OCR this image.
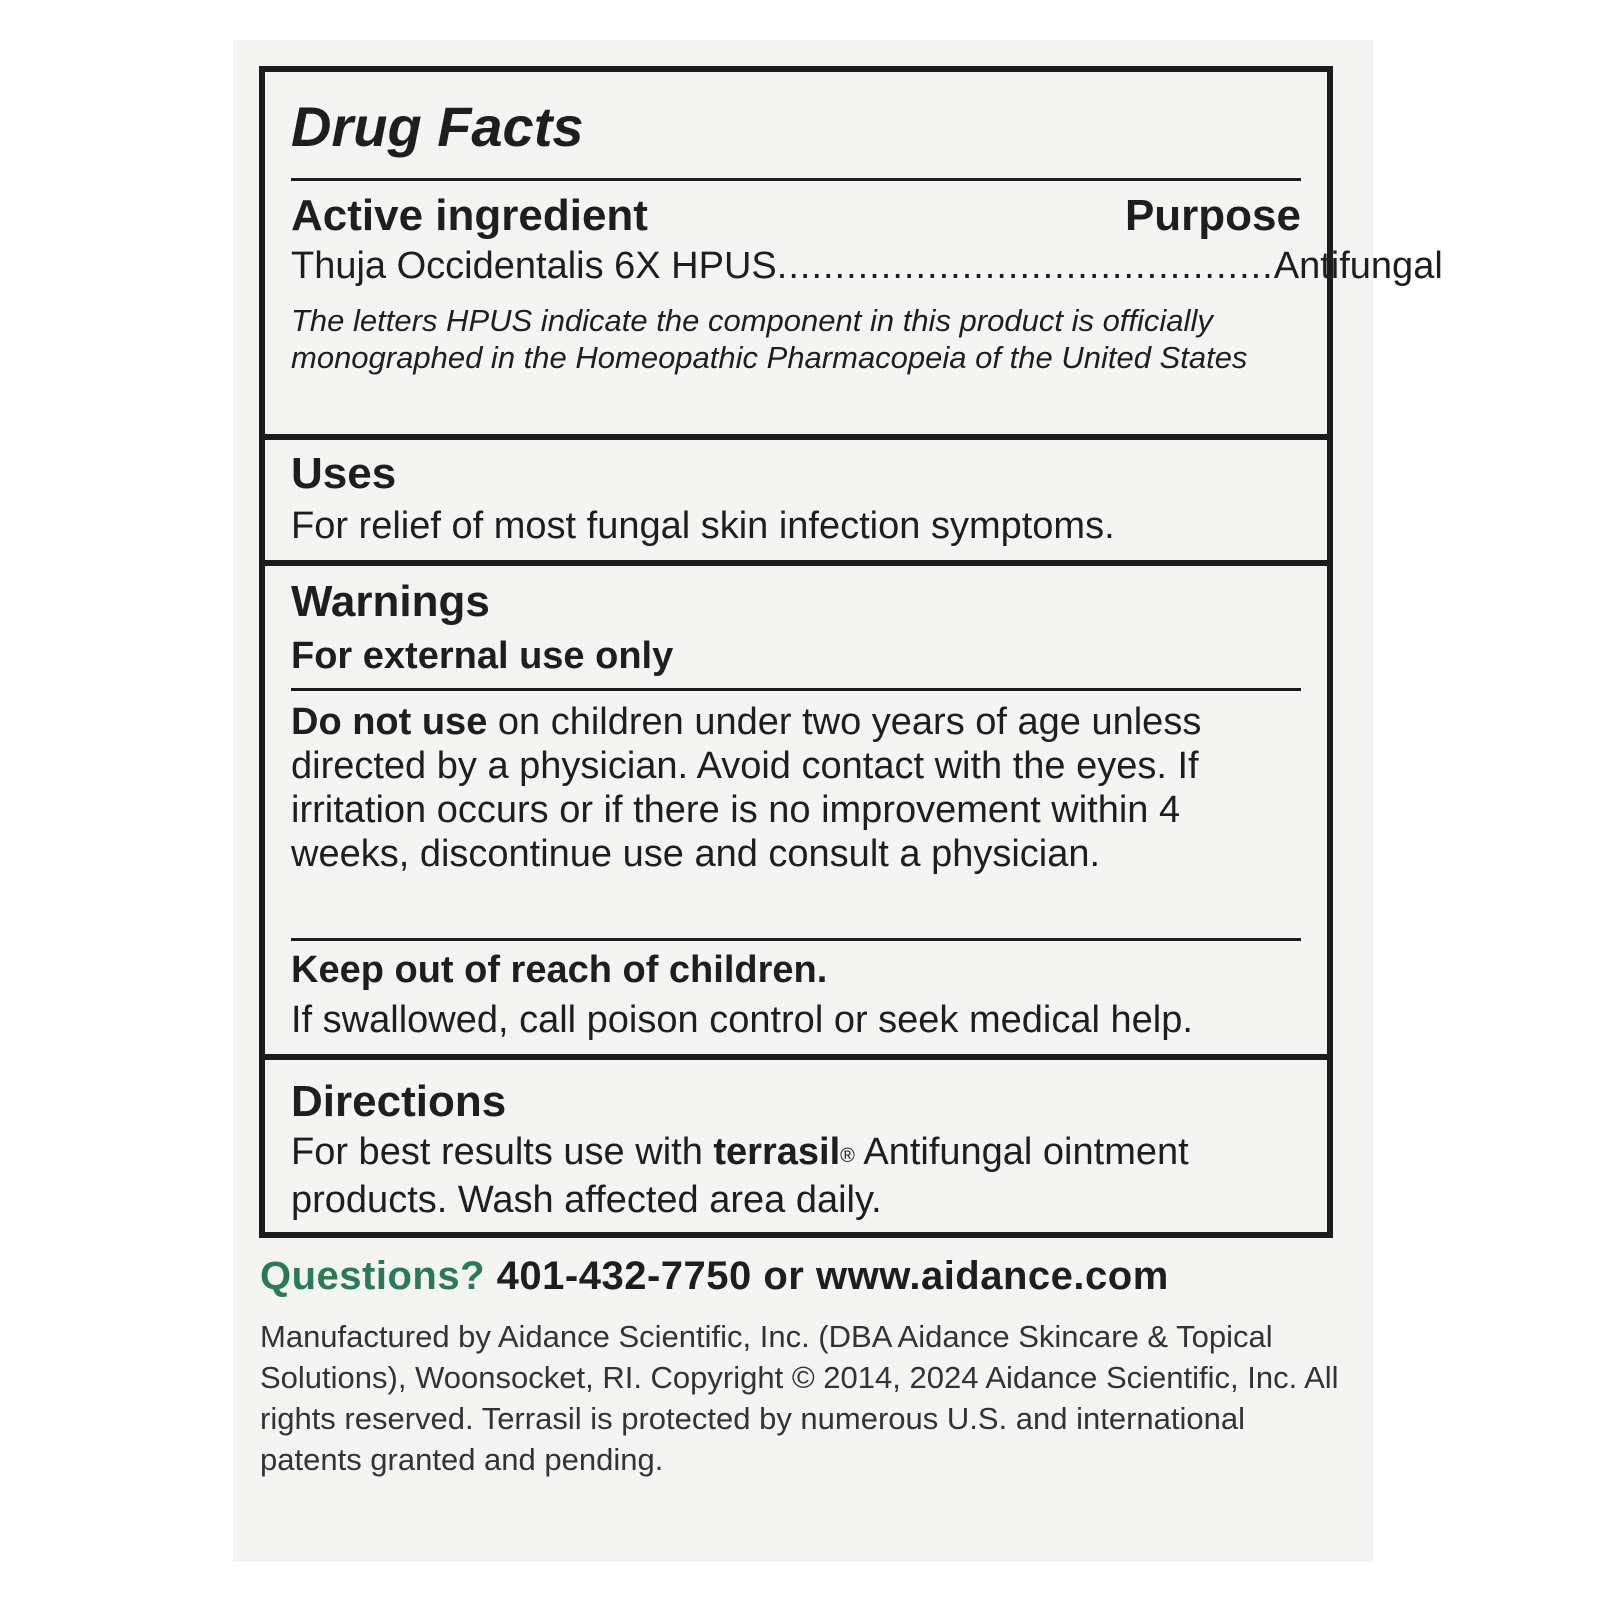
Drug Facts
Active ingredient	Purpose
Thuja Occidentalis 6X HPUS ........................................... Antifungal
The letters HPUS indicate the component in this product is officially monographed in the Homeopathic Pharmacopeia of the United States
Uses
For relief of most fungal skin infection symptoms.
Warnings
For external use only
Do not use on children under two years of age unless directed by a physician. Avoid contact with the eyes. If irritation occurs or if there is no improvement within 4 weeks, discontinue use and consult a physician.
Keep out of reach of children.
If swallowed, call poison control or seek medical help.
Directions
For best results use with terrasil® Antifungal ointment products. Wash affected area daily.
Questions? 401-432-7750 or www.aidance.com
Manufactured by Aidance Scientific, Inc. (DBA Aidance Skincare & Topical Solutions), Woonsocket, RI. Copyright © 2014, 2024 Aidance Scientific, Inc. All rights reserved. Terrasil is protected by numerous U.S. and international patents granted and pending.
